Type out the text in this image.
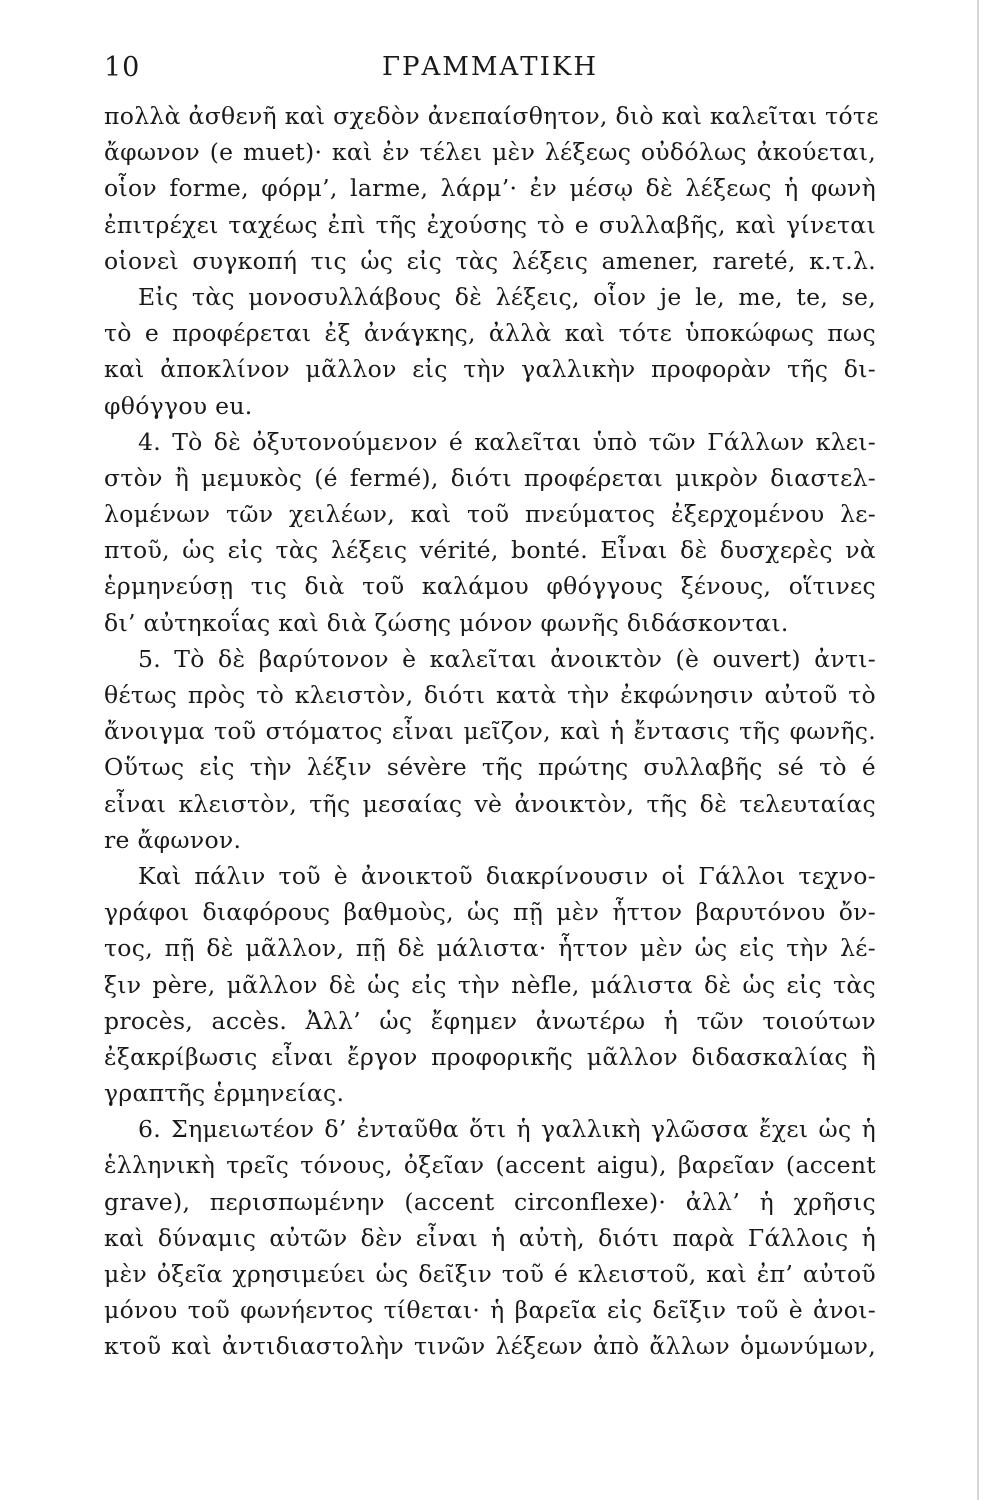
10	ΓΡΑΜΜΑΤΙΚΗ
πολλὰ ἀσθενῆ καὶ σχεδὸν ἀνεπαίσθητον, διὸ καὶ καλεῖται τότε
ἄφωνον (e muet)· καὶ ἐν τέλει μὲν λέξεως οὐδόλως ἀκούεται,
οἷον forme, φόρμ’, larme, λάρμ’· ἐν μέσῳ δὲ λέξεως ἡ φωνὴ
ἐπιτρέχει ταχέως ἐπὶ τῆς ἐχούσης τὸ e συλλαβῆς, καὶ γίνεται
οἱονεὶ συγκοπή τις ὡς εἰς τὰς λέξεις amener, rareté, κ.τ.λ.
Εἰς τὰς μονοσυλλάβους δὲ λέξεις, οἷον je le, me, te, se,
τὸ e προφέρεται ἐξ ἀνάγκης, ἀλλὰ καὶ τότε ὑποκώφως πως
καὶ ἀποκλίνον μᾶλλον εἰς τὴν γαλλικὴν προφορὰν τῆς δι-
φθόγγου eu.
4. Τὸ δὲ ὀξυτονούμενον é καλεῖται ὑπὸ τῶν Γάλλων κλει-
στὸν ἢ μεμυκὸς (é fermé), διότι προφέρεται μικρὸν διαστελ-
λομένων τῶν χειλέων, καὶ τοῦ πνεύματος ἐξερχομένου λε-
πτοῦ, ὡς εἰς τὰς λέξεις vérité, bonté. Εἶναι δὲ δυσχερὲς νὰ
ἑρμηνεύσῃ τις διὰ τοῦ καλάμου φθόγγους ξένους, οἵτινες
δι’ αὐτηκοΐας καὶ διὰ ζώσης μόνον φωνῆς διδάσκονται.
5. Τὸ δὲ βαρύτονον è καλεῖται ἀνοικτὸν (è ouvert) ἀντι-
θέτως πρὸς τὸ κλειστὸν, διότι κατὰ τὴν ἐκφώνησιν αὐτοῦ τὸ
ἄνοιγμα τοῦ στόματος εἶναι μεῖζον, καὶ ἡ ἔντασις τῆς φωνῆς.
Οὕτως εἰς τὴν λέξιν sévère τῆς πρώτης συλλαβῆς sé τὸ é
εἶναι κλειστὸν, τῆς μεσαίας vè ἀνοικτὸν, τῆς δὲ τελευταίας
re ἄφωνον.
Καὶ πάλιν τοῦ è ἀνοικτοῦ διακρίνουσιν οἱ Γάλλοι τεχνο-
γράφοι διαφόρους βαθμοὺς, ὡς πῇ μὲν ἧττον βαρυτόνου ὄν-
τος, πῇ δὲ μᾶλλον, πῇ δὲ μάλιστα· ἧττον μὲν ὡς εἰς τὴν λέ-
ξιν père, μᾶλλον δὲ ὡς εἰς τὴν nèfle, μάλιστα δὲ ὡς εἰς τὰς
procès, accès. Ἀλλ’ ὡς ἔφημεν ἀνωτέρω ἡ τῶν τοιούτων
ἐξακρίβωσις εἶναι ἔργον προφορικῆς μᾶλλον διδασκαλίας ἢ
γραπτῆς ἑρμηνείας.
6. Σημειωτέον δ’ ἐνταῦθα ὅτι ἡ γαλλικὴ γλῶσσα ἔχει ὡς ἡ
ἑλληνικὴ τρεῖς τόνους, ὀξεῖαν (accent aigu), βαρεῖαν (accent
grave), περισπωμένην (accent circonflexe)· ἀλλ’ ἡ χρῆσις
καὶ δύναμις αὐτῶν δὲν εἶναι ἡ αὐτὴ, διότι παρὰ Γάλλοις ἡ
μὲν ὀξεῖα χρησιμεύει ὡς δεῖξιν τοῦ é κλειστοῦ, καὶ ἐπ’ αὐτοῦ
μόνου τοῦ φωνήεντος τίθεται· ἡ βαρεῖα εἰς δεῖξιν τοῦ è ἀνοι-
κτοῦ καὶ ἀντιδιαστολὴν τινῶν λέξεων ἀπὸ ἄλλων ὁμωνύμων,
